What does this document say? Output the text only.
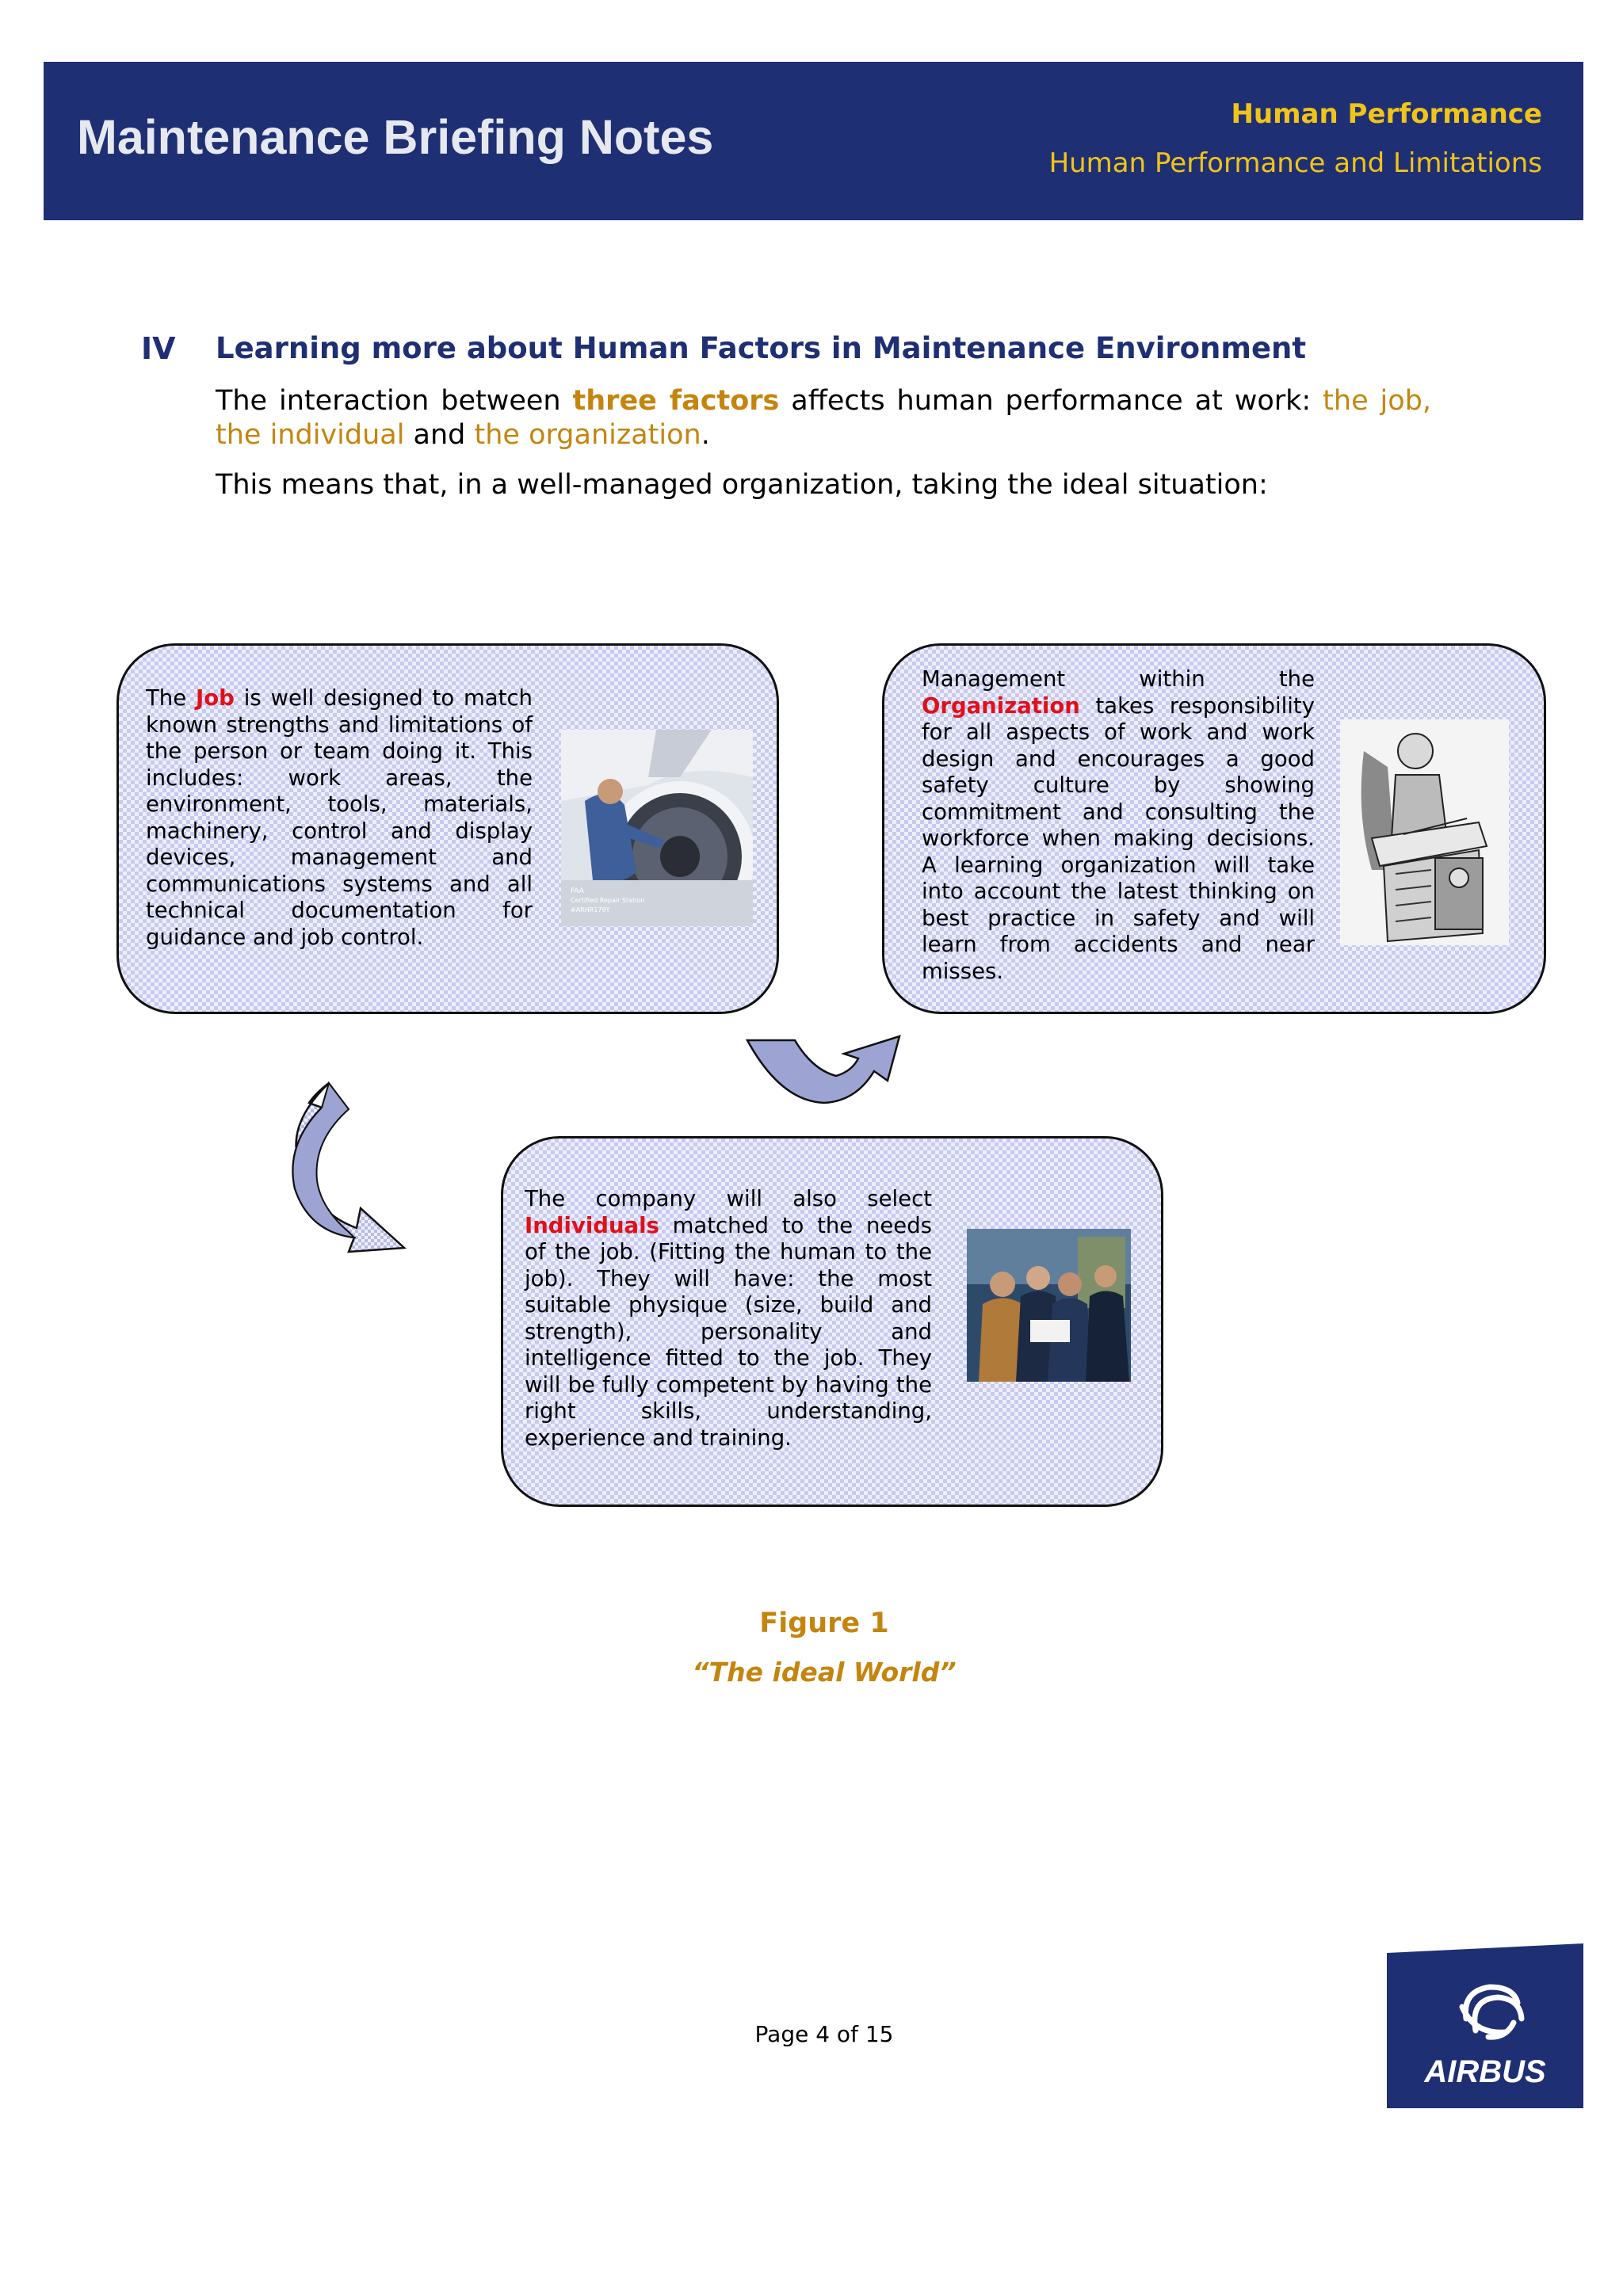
Maintenance Briefing Notes	Human Performance
Human Performance and Limitations
IV Learning more about Human Factors in Maintenance Environment
The interaction between three factors affects human performance at work: the job, the individual and the organization.
This means that, in a well-managed organization, taking the ideal situation:
The Job is well designed to match known strengths and limitations of the person or team doing it. This includes: work areas, the environment, tools, materials, machinery, control and display devices, management and communications systems and all technical documentation for guidance and job control.
FAA
Certified Repair Station
#ARHR179Y
Management within the Organization takes responsibility for all aspects of work and work design and encourages a good safety culture by showing commitment and consulting the workforce when making decisions. A learning organization will take into account the latest thinking on best practice in safety and will learn from accidents and near misses.
The company will also select Individuals matched to the needs of the job. (Fitting the human to the job). They will have: the most suitable physique (size, build and strength), personality and intelligence fitted to the job. They will be fully competent by having the right skills, understanding, experience and training.
Figure 1
“The ideal World”
Page 4 of 15
AIRBUS
